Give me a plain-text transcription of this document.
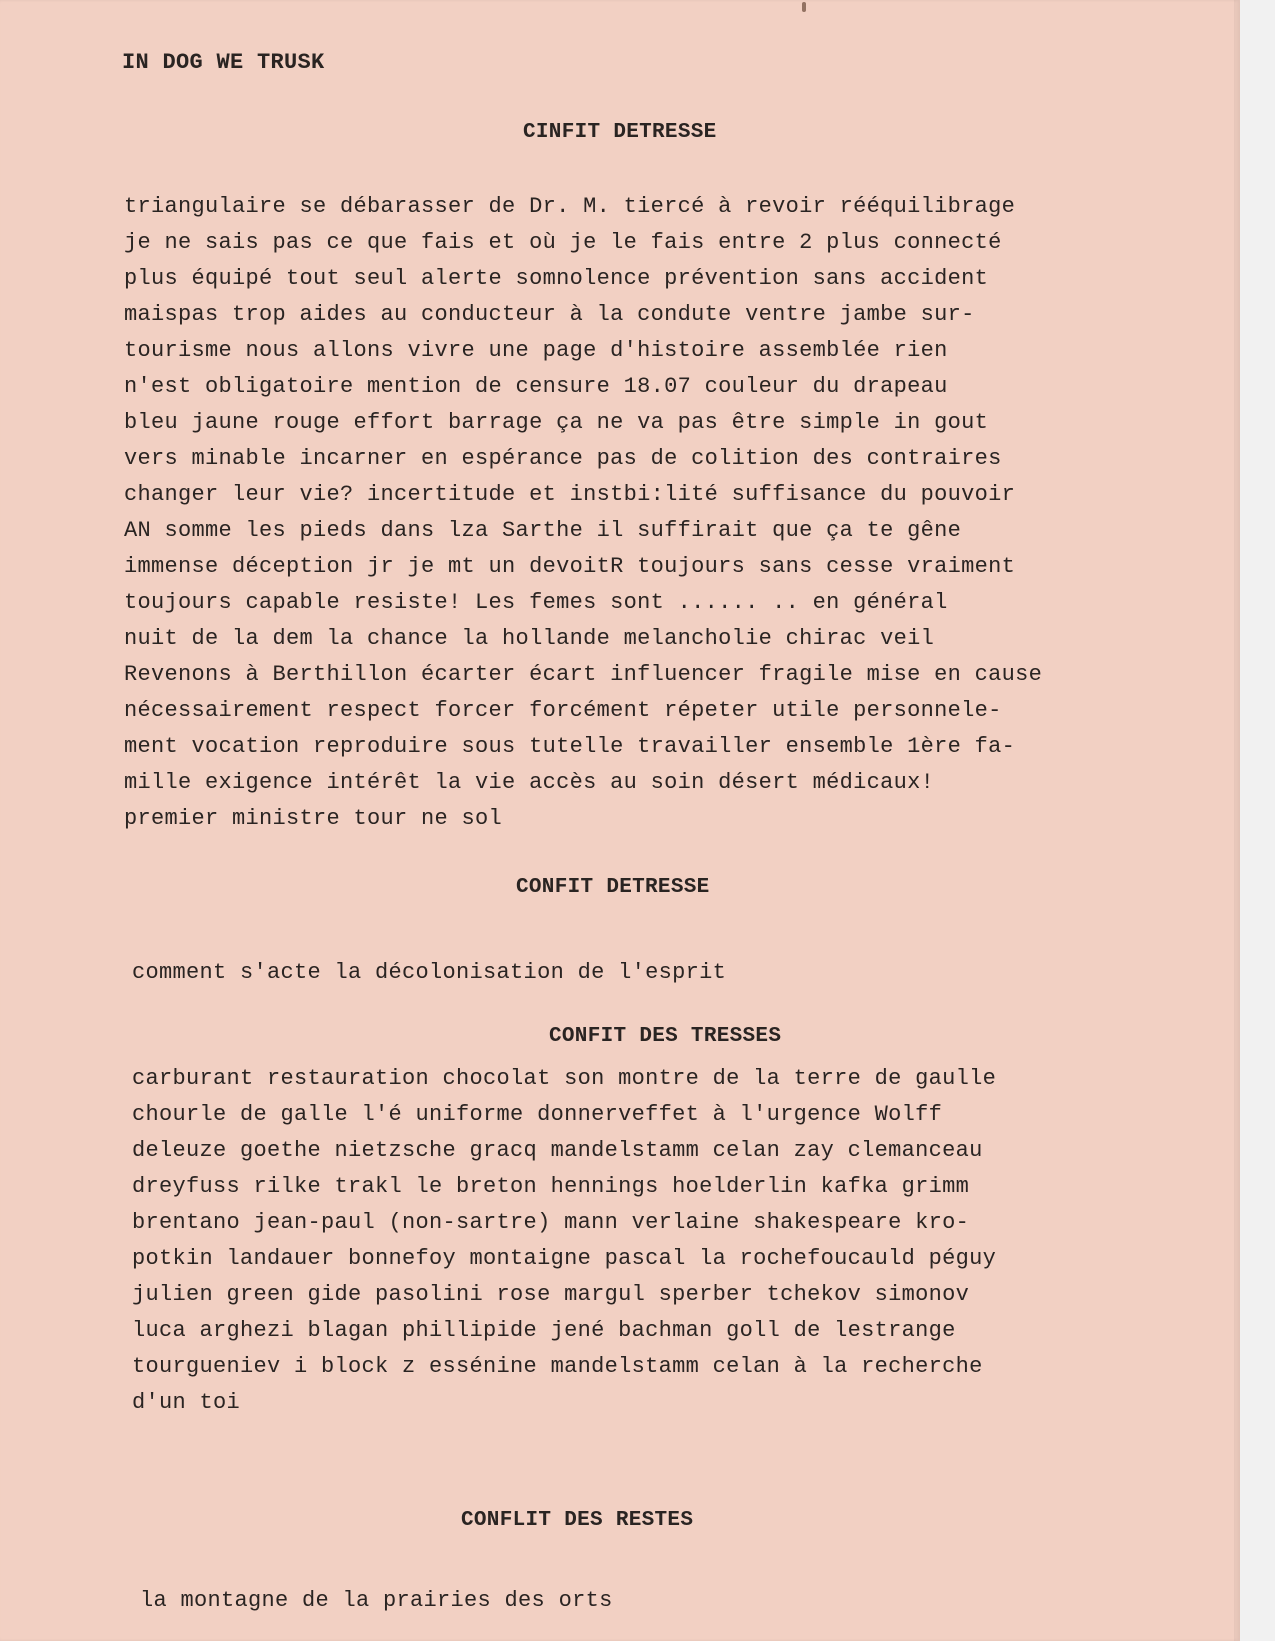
IN DOG WE TRUSK
CINFIT DETRESSE
triangulaire se débarasser de Dr. M. tiercé à revoir rééquilibrage
je ne sais pas ce que fais et où je le fais entre 2 plus connecté
plus équipé tout seul alerte somnolence prévention sans accident
maispas trop aides au conducteur à la condute ventre jambe sur-
tourisme nous allons vivre une page d'histoire assemblée rien
n'est obligatoire mention de censure 18.07 couleur du drapeau
bleu jaune rouge effort barrage ça ne va pas être simple in gout
vers minable incarner en espérance pas de colition des contraires
changer leur vie? incertitude et instbi:lité suffisance du pouvoir
AN somme les pieds dans lza Sarthe il suffirait que ça te gêne
immense déception jr je mt un devoitR toujours sans cesse vraiment
toujours capable resiste! Les femes sont ...... .. en général
nuit de la dem la chance la hollande melancholie chirac veil
Revenons à Berthillon écarter écart influencer fragile mise en cause
nécessairement respect forcer forcément répeter utile personnele-
ment vocation reproduire sous tutelle travailler ensemble 1ère fa-
mille exigence intérêt la vie accès au soin désert médicaux!
premier ministre tour ne sol
CONFIT DETRESSE
comment s'acte la décolonisation de l'esprit
CONFIT DES TRESSES
carburant restauration chocolat son montre de la terre de gaulle
chourle de galle l'é uniforme donnerveffet à l'urgence Wolff
deleuze goethe nietzsche gracq mandelstamm celan zay clemanceau
dreyfuss rilke trakl le breton hennings hoelderlin kafka grimm
brentano jean-paul (non-sartre) mann verlaine shakespeare kro-
potkin landauer bonnefoy montaigne pascal la rochefoucauld péguy
julien green gide pasolini rose margul sperber tchekov simonov
luca arghezi blagan phillipide jené bachman goll de lestrange
tourgueniev i block z essénine mandelstamm celan à la recherche
d'un toi
CONFLIT DES RESTES
la montagne de la prairies des orts
